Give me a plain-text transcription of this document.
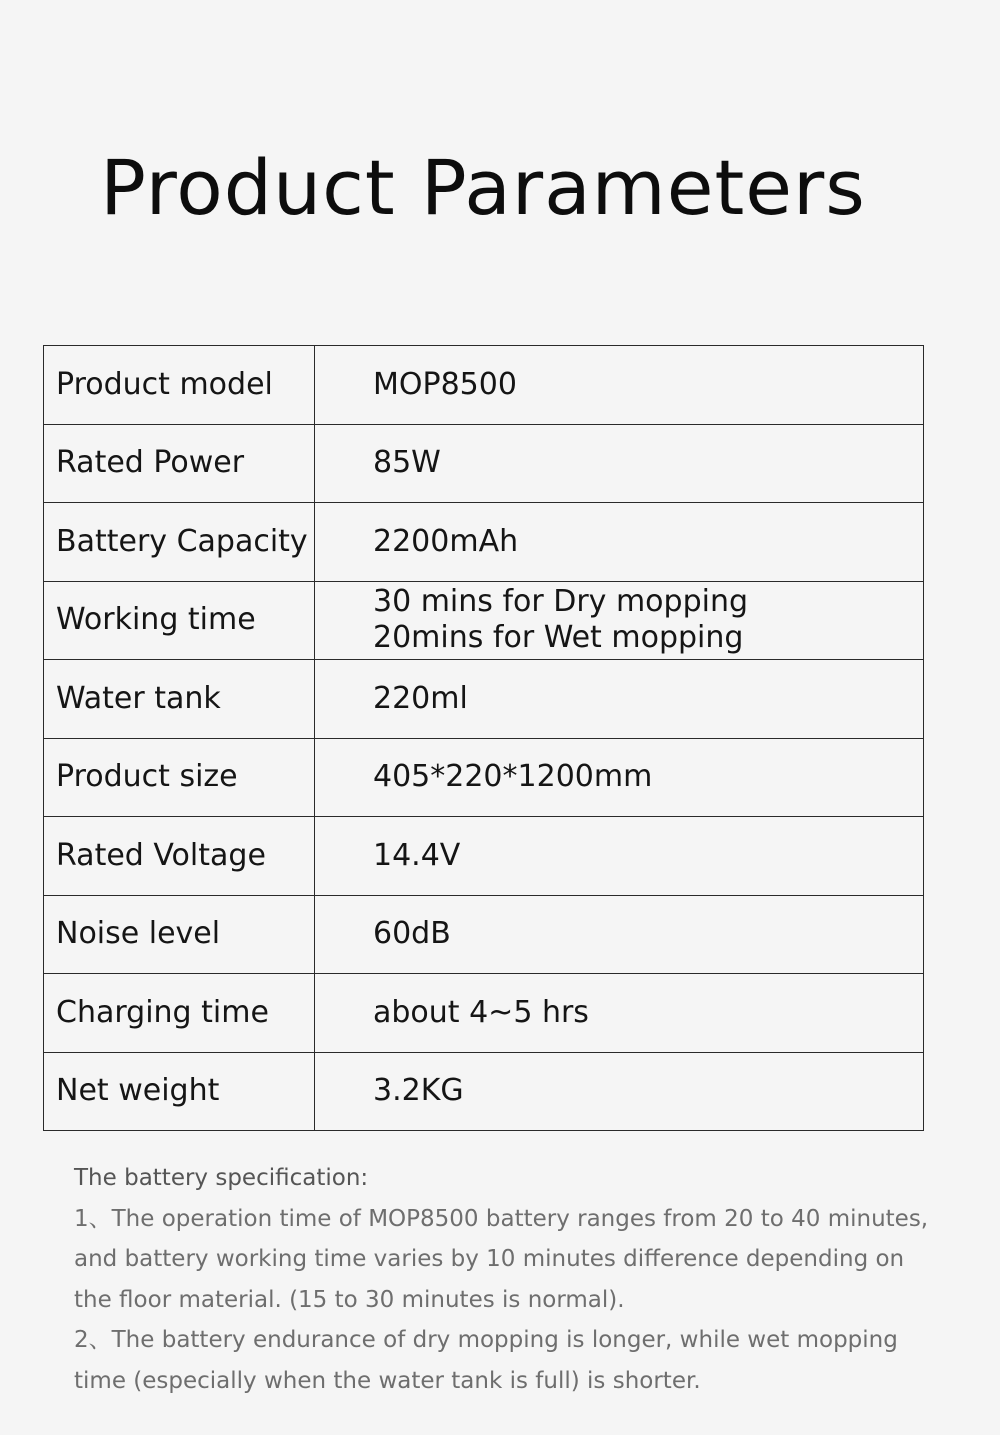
Product Parameters
Product model	MOP8500

Rated Power	85W

Battery Capacity	2200mAh

Working time	30 mins for Dry mopping
20mins for Wet mopping

Water tank	220ml

Product size	405*220*1200mm

Rated Voltage	14.4V

Noise level	60dB

Charging time	about 4~5 hrs

Net weight	3.2KG

The battery specification:

1、The operation time of MOP8500 battery ranges from 20 to 40 minutes, and battery working time varies by 10 minutes difference depending on the floor material. (15 to 30 minutes is normal).

2、The battery endurance of dry mopping is longer, while wet mopping time (especially when the water tank is full) is shorter.
